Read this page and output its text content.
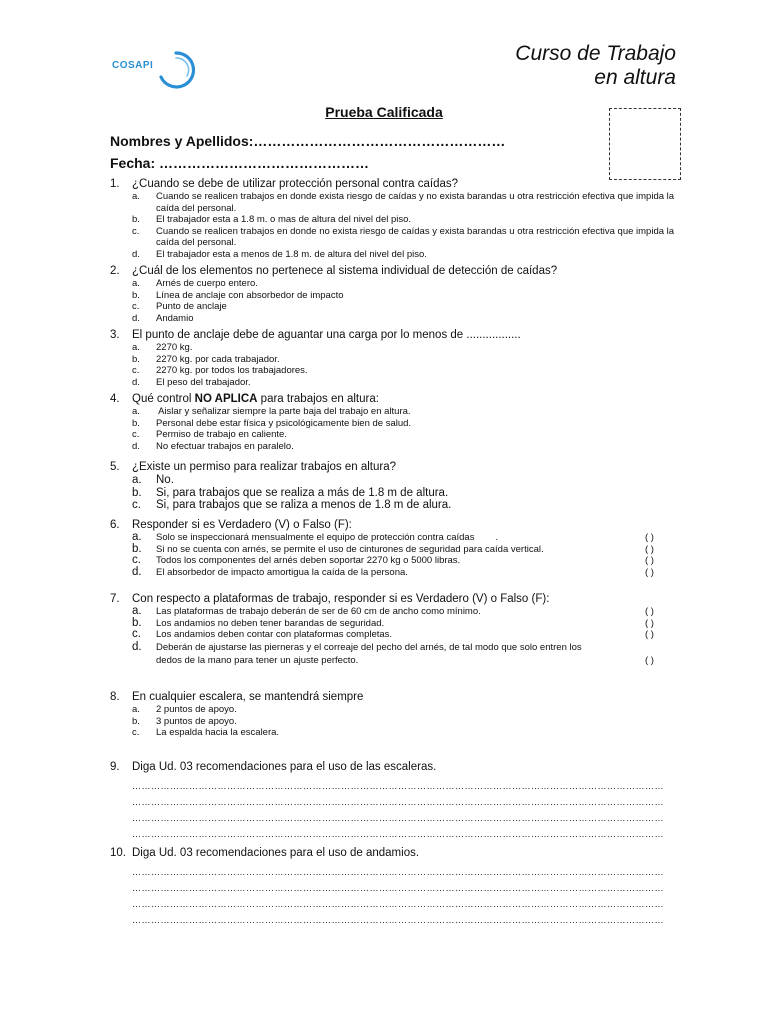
COSAPI
Curso de Trabajo
en altura
Prueba Calificada
Nombres y Apellidos:………………………………………………
Fecha: ………………………………………
1.	¿Cuando se debe de utilizar protección personal contra caídas?
a.	Cuando se realicen trabajos en donde exista riesgo de caídas y no exista barandas u otra restricción efectiva que impida la caída del personal.
b.	El trabajador esta a 1.8 m. o mas de altura del nivel del piso.
c.	Cuando se realicen trabajos en donde no exista riesgo de caídas y exista barandas u otra restricción efectiva que impida la caída del personal.
d.	El trabajador esta a menos de 1.8 m. de altura del nivel del piso.
2.	¿Cuál de los elementos no pertenece al sistema individual de detección de caídas?
a.	Arnés de cuerpo entero.
b.	Línea de anclaje con absorbedor de impacto
c.	Punto de anclaje
d.	Andamio
3.	El punto de anclaje debe de aguantar una carga por lo menos de .................
a.	2270 kg.
b.	2270 kg. por cada trabajador.
c.	2270 kg. por todos los trabajadores.
d.	El peso del trabajador.
4.	Qué control NO APLICA para trabajos en altura:
a.	Aislar y señalizar siempre la parte baja del trabajo en altura.
b.	Personal debe estar física y psicológicamente bien de salud.
c.	Permiso de trabajo en caliente.
d.	No efectuar trabajos en paralelo.
5.	¿Existe un permiso para realizar trabajos en altura?
a.	No.
b.	Si, para trabajos que se realiza a más de 1.8 m de altura.
c.	Si, para trabajos que se raliza a menos de 1.8 m de alura.
6.	Responder si es Verdadero (V) o Falso (F):
a.	Solo se inspeccionará mensualmente el equipo de protección contra caídas        .	( )
b.	Si no se cuenta con arnés, se permite el uso de cinturones de seguridad para caída vertical.	( )
c.	Todos los componentes del arnés deben soportar 2270 kg o 5000 libras.	( )
d.	El absorbedor de impacto amortigua la caída de la persona.	( )
7.	Con respecto a plataformas de trabajo, responder si es Verdadero (V) o Falso (F):
a.	Las plataformas de trabajo deberán de ser de 60 cm de ancho como mínimo.	( )
b.	Los andamios no deben tener barandas de seguridad.	( )
c.	Los andamios deben contar con plataformas completas.	( )
d.	Deberán de ajustarse las pierneras y el correaje del pecho del arnés, de tal modo que solo entren los dedos de la mano para tener un ajuste perfecto.	( )
8.	En cualquier escalera, se mantendrá siempre
a.	2 puntos de apoyo.
b.	3 puntos de apoyo.
c.	La espalda hacia la escalera.
9.	Diga Ud. 03 recomendaciones para el uso de las escaleras.
……………………………………………………………………………………………………………………………………………………
……………………………………………………………………………………………………………………………………………………
……………………………………………………………………………………………………………………………………………………
……………………………………………………………………………………………………………………………………………………
10. Diga Ud. 03 recomendaciones para el uso de andamios.
……………………………………………………………………………………………………………………………………………………
……………………………………………………………………………………………………………………………………………………
……………………………………………………………………………………………………………………………………………………
……………………………………………………………………………………………………………………………………………………
